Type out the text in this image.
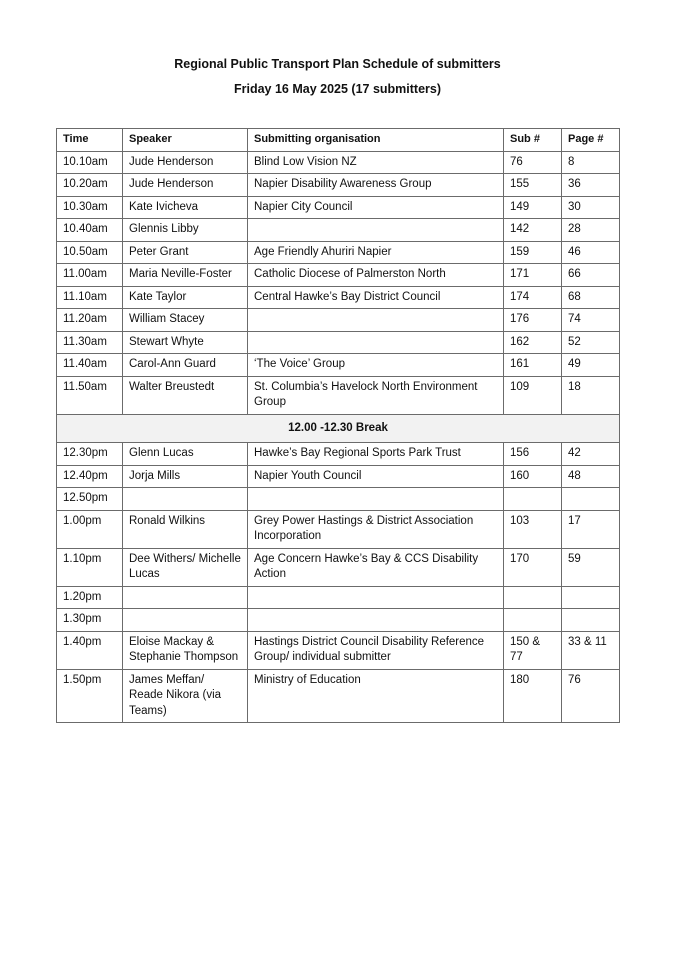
Regional Public Transport Plan Schedule of submitters
Friday 16 May 2025 (17 submitters)
Time	Speaker	Submitting organisation	Sub #	Page #
10.10am	Jude Henderson	Blind Low Vision NZ	76	8
10.20am	Jude Henderson	Napier Disability Awareness Group	155	36
10.30am	Kate Ivicheva	Napier City Council	149	30
10.40am	Glennis Libby		142	28
10.50am	Peter Grant	Age Friendly Ahuriri Napier	159	46
11.00am	Maria Neville-Foster	Catholic Diocese of Palmerston North	171	66
11.10am	Kate Taylor	Central Hawke’s Bay District Council	174	68
11.20am	William Stacey		176	74
11.30am	Stewart Whyte		162	52
11.40am	Carol-Ann Guard	‘The Voice’ Group	161	49
11.50am	Walter Breustedt	St. Columbia’s Havelock North Environment Group	109	18
12.00 -12.30 Break				
12.30pm	Glenn Lucas	Hawke’s Bay Regional Sports Park Trust	156	42
12.40pm	Jorja Mills	Napier Youth Council	160	48
12.50pm				
1.00pm	Ronald Wilkins	Grey Power Hastings & District Association Incorporation	103	17
1.10pm	Dee Withers/ Michelle Lucas	Age Concern Hawke’s Bay & CCS Disability Action	170	59
1.20pm				
1.30pm				
1.40pm	Eloise Mackay & Stephanie Thompson	Hastings District Council Disability Reference Group/ individual submitter	150 & 77	33 & 11
1.50pm	James Meffan/ Reade Nikora (via Teams)	Ministry of Education	180	76
